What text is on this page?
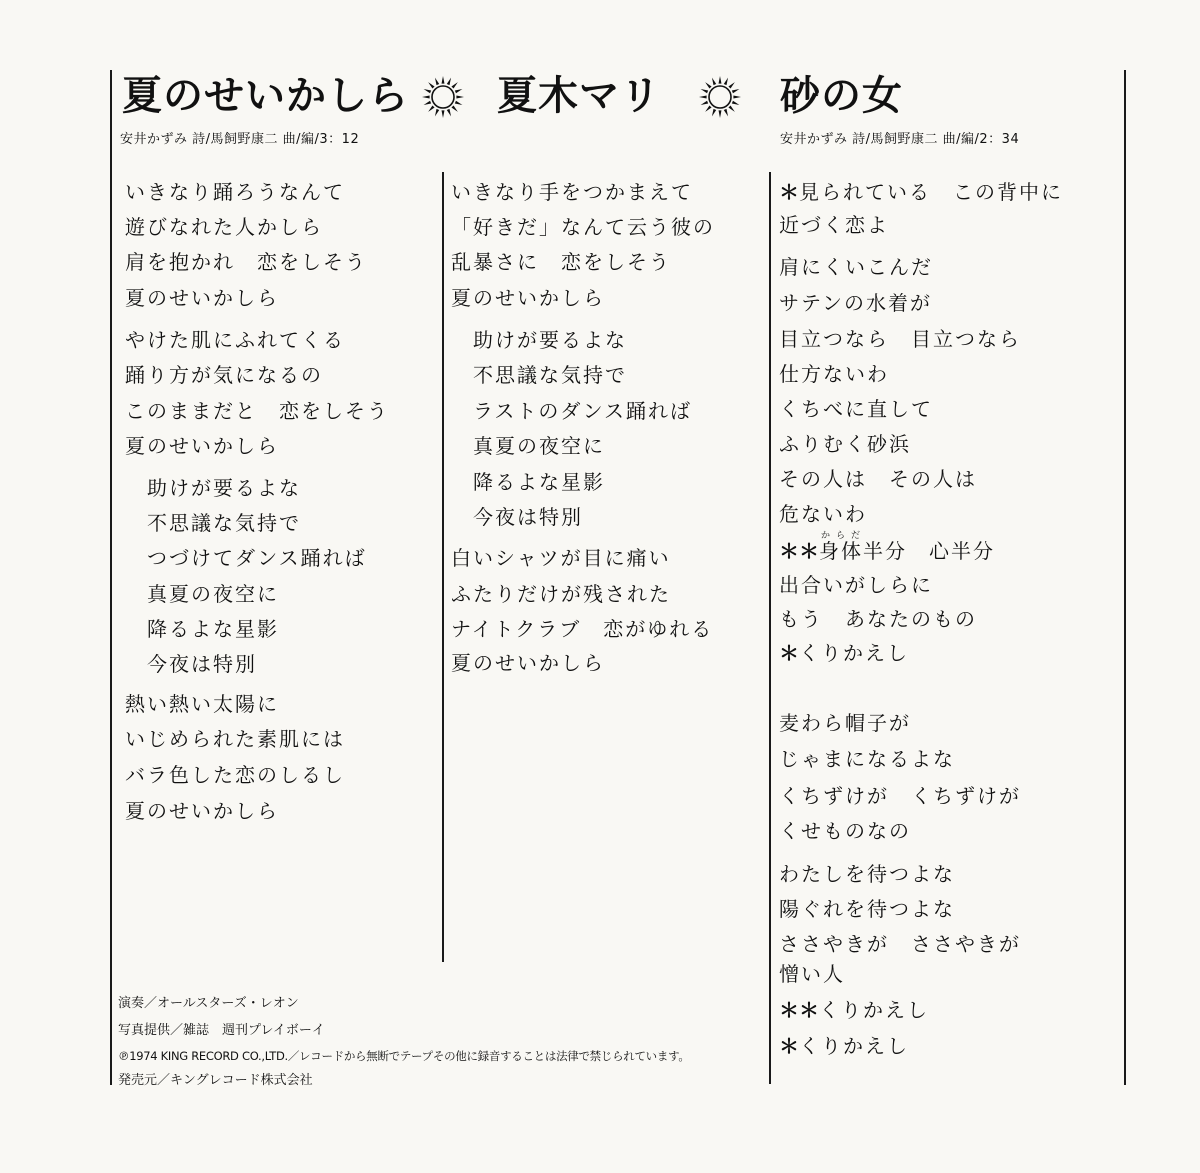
夏のせいかしら 夏木マリ	砂の女
安井かずみ 詩/馬飼野康二 曲/編/3：12	安井かずみ 詩/馬飼野康二 曲/編/2：34
いきなり踊ろうなんて
遊びなれた人かしら
肩を抱かれ　恋をしそう
夏のせいかしら
やけた肌にふれてくる
踊り方が気になるの
このままだと　恋をしそう
夏のせいかしら
助けが要るよな
不思議な気持で
つづけてダンス踊れば
真夏の夜空に
降るよな星影
今夜は特別
熱い熱い太陽に
いじめられた素肌には
バラ色した恋のしるし
夏のせいかしら
いきなり手をつかまえて
「好きだ」なんて云う彼の
乱暴さに　恋をしそう
夏のせいかしら
助けが要るよな
不思議な気持で
ラストのダンス踊れば
真夏の夜空に
降るよな星影
今夜は特別
白いシャツが目に痛い
ふたりだけが残された
ナイトクラブ　恋がゆれる
夏のせいかしら
＊見られている　この背中に
近づく恋よ
肩にくいこんだ
サテンの水着が
目立つなら　目立つなら
仕方ないわ
くちべに直して
ふりむく砂浜
その人は　その人は
危ないわ
からだ
＊＊身体半分　心半分
出合いがしらに
もう　あなたのもの
＊くりかえし
麦わら帽子が
じゃまになるよな
くちずけが　くちずけが
くせものなの
わたしを待つよな
陽ぐれを待つよな
ささやきが　ささやきが
憎い人
＊＊くりかえし
＊くりかえし
演奏／オールスターズ・レオン
写真提供／雑誌　週刊プレイボーイ
℗1974 KING RECORD CO.,LTD.／レコードから無断でテープその他に録音することは法律で禁じられています。
発売元／キングレコード株式会社
